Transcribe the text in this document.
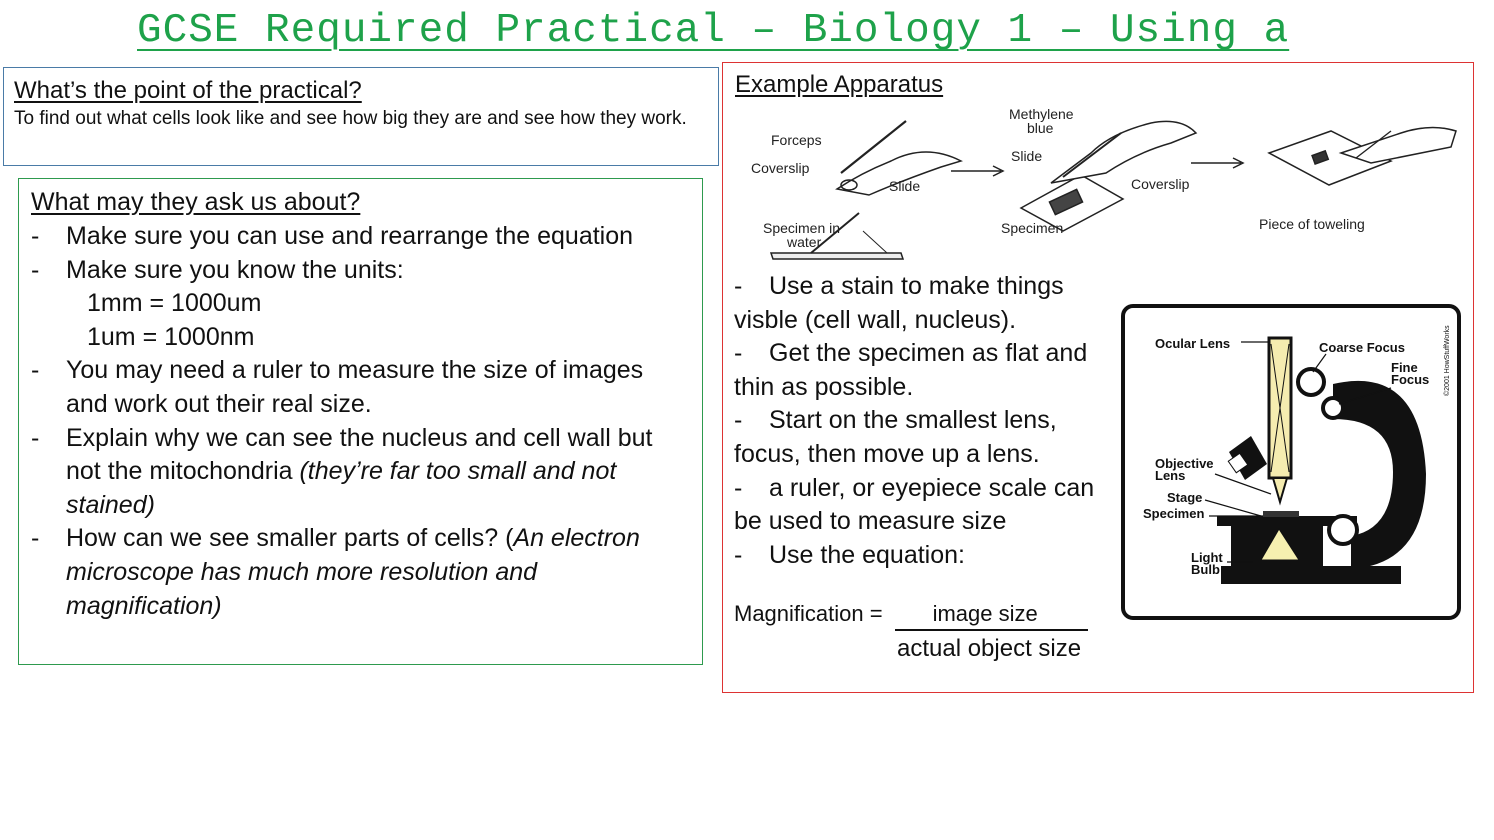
GCSE Required Practical – Biology 1 – Using a
What’s the point of the practical?
To find out what cells look like and see how big they are and see how they work.
What may they ask us about?
- Make sure you can use and rearrange the equation
- Make sure you know the units:
1mm = 1000um
1um = 1000nm
- You may need a ruler to measure the size of images and work out their real size.
- Explain why we can see the nucleus and cell wall but not the mitochondria (they’re far too small and not stained)
- How can we see smaller parts of cells? (An electron microscope has much more resolution and magnification)
Example Apparatus
Forceps
Coverslip
Slide
Specimen in
water
Methylene
blue
Slide
Coverslip
Specimen	Piece of toweling
- Use a stain to make things visble (cell wall, nucleus).
- Get the specimen as flat and thin as possible.
- Start on the smallest lens, focus, then move up a lens.
- a ruler, or eyepiece scale can be used to measure size
- Use the equation:
Magnification =	image size
actual object size
Ocular Lens	Coarse Focus
Fine
Focus
Objective
Lens
Stage
Specimen
Light
Bulb
©2001 HowStuffWorks
